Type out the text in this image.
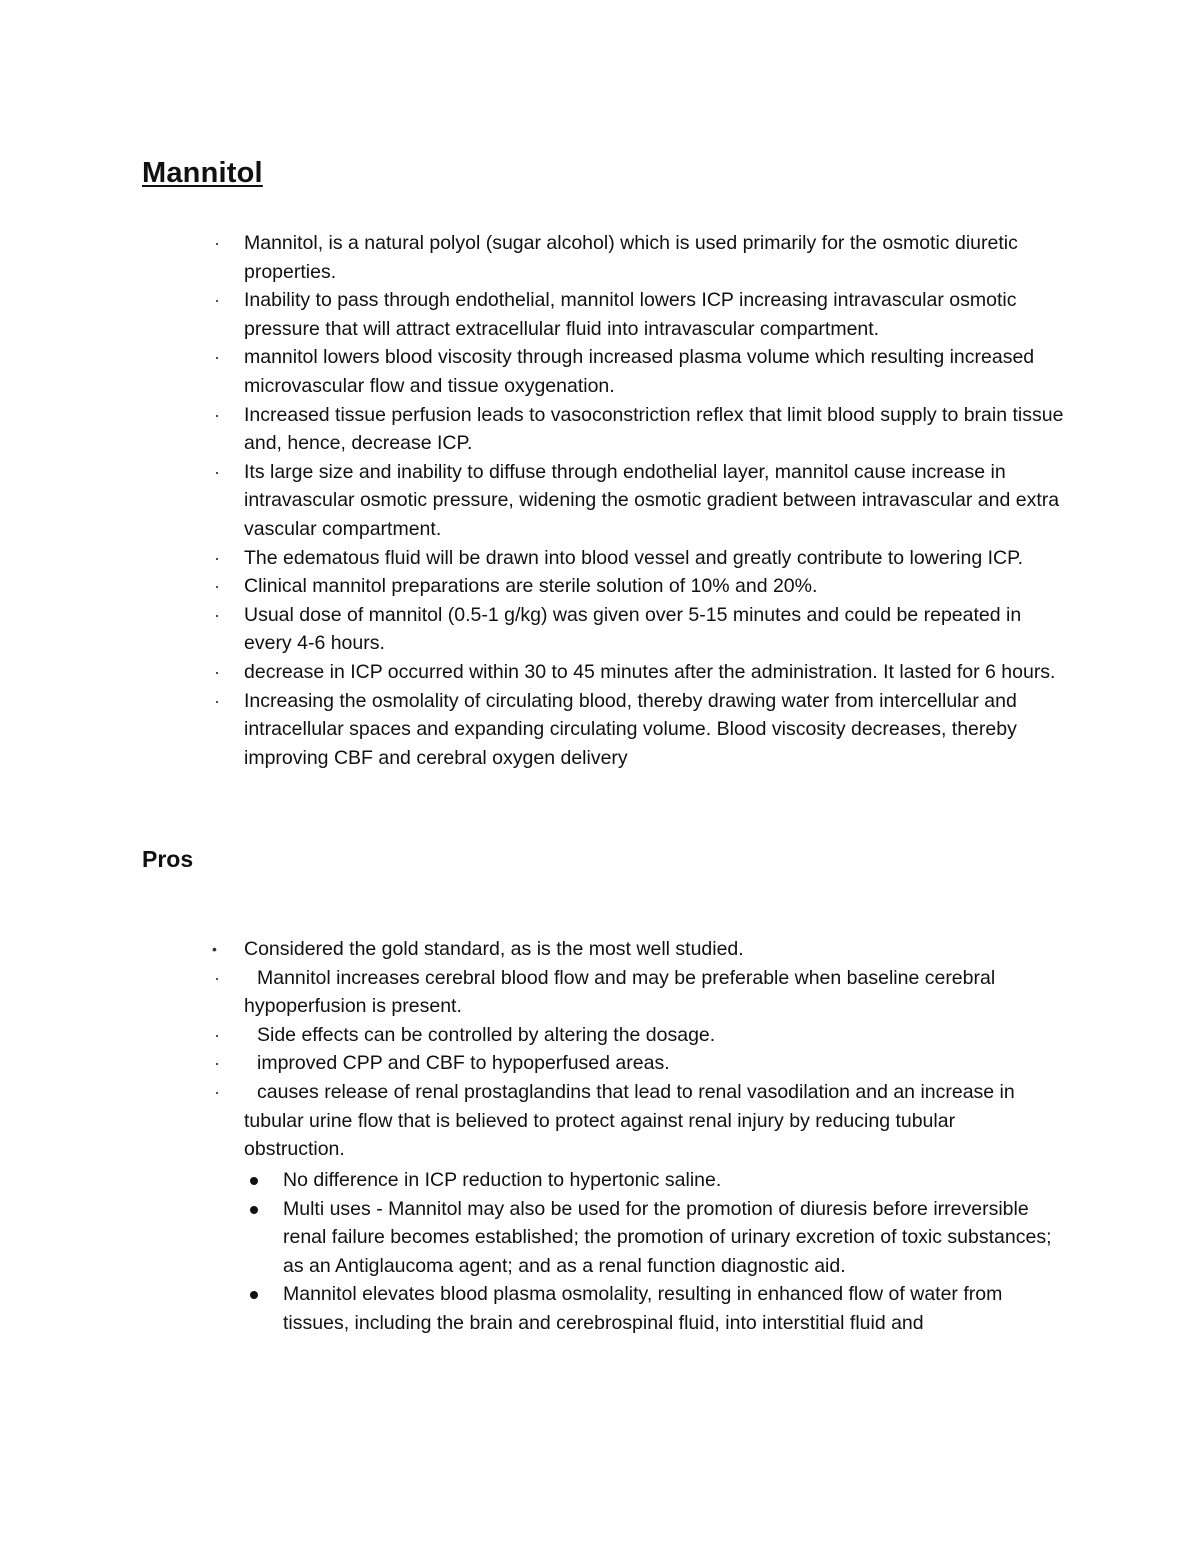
Mannitol
· Mannitol, is a natural polyol (sugar alcohol) which is used primarily for the osmotic diuretic properties.
· Inability to pass through endothelial, mannitol lowers ICP increasing intravascular osmotic pressure that will attract extracellular fluid into intravascular compartment.
· mannitol lowers blood viscosity through increased plasma volume which resulting increased microvascular flow and tissue oxygenation.
· Increased tissue perfusion leads to vasoconstriction reflex that limit blood supply to brain tissue and, hence, decrease ICP.
· Its large size and inability to diffuse through endothelial layer, mannitol cause increase in intravascular osmotic pressure, widening the osmotic gradient between intravascular and extra vascular compartment.
· The edematous fluid will be drawn into blood vessel and greatly contribute to lowering ICP.
· Clinical mannitol preparations are sterile solution of 10% and 20%.
· Usual dose of mannitol (0.5-1 g/kg) was given over 5-15 minutes and could be repeated in every 4-6 hours.
· decrease in ICP occurred within 30 to 45 minutes after the administration. It lasted for 6 hours.
· Increasing the osmolality of circulating blood, thereby drawing water from intercellular and intracellular spaces and expanding circulating volume. Blood viscosity decreases, thereby improving CBF and cerebral oxygen delivery
Pros
• Considered the gold standard, as is the most well studied.
·	Mannitol increases cerebral blood flow and may be preferable when baseline cerebral hypoperfusion is present.
·	Side effects can be controlled by altering the dosage.
·	improved CPP and CBF to hypoperfused areas.
·	causes release of renal prostaglandins that lead to renal vasodilation and an increase in tubular urine flow that is believed to protect against renal injury by reducing tubular obstruction.
No difference in ICP reduction to hypertonic saline.
Multi uses - Mannitol may also be used for the promotion of diuresis before irreversible renal failure becomes established; the promotion of urinary excretion of toxic substances; as an Antiglaucoma agent; and as a renal function diagnostic aid.
Mannitol elevates blood plasma osmolality, resulting in enhanced flow of water from tissues, including the brain and cerebrospinal fluid, into interstitial fluid and
